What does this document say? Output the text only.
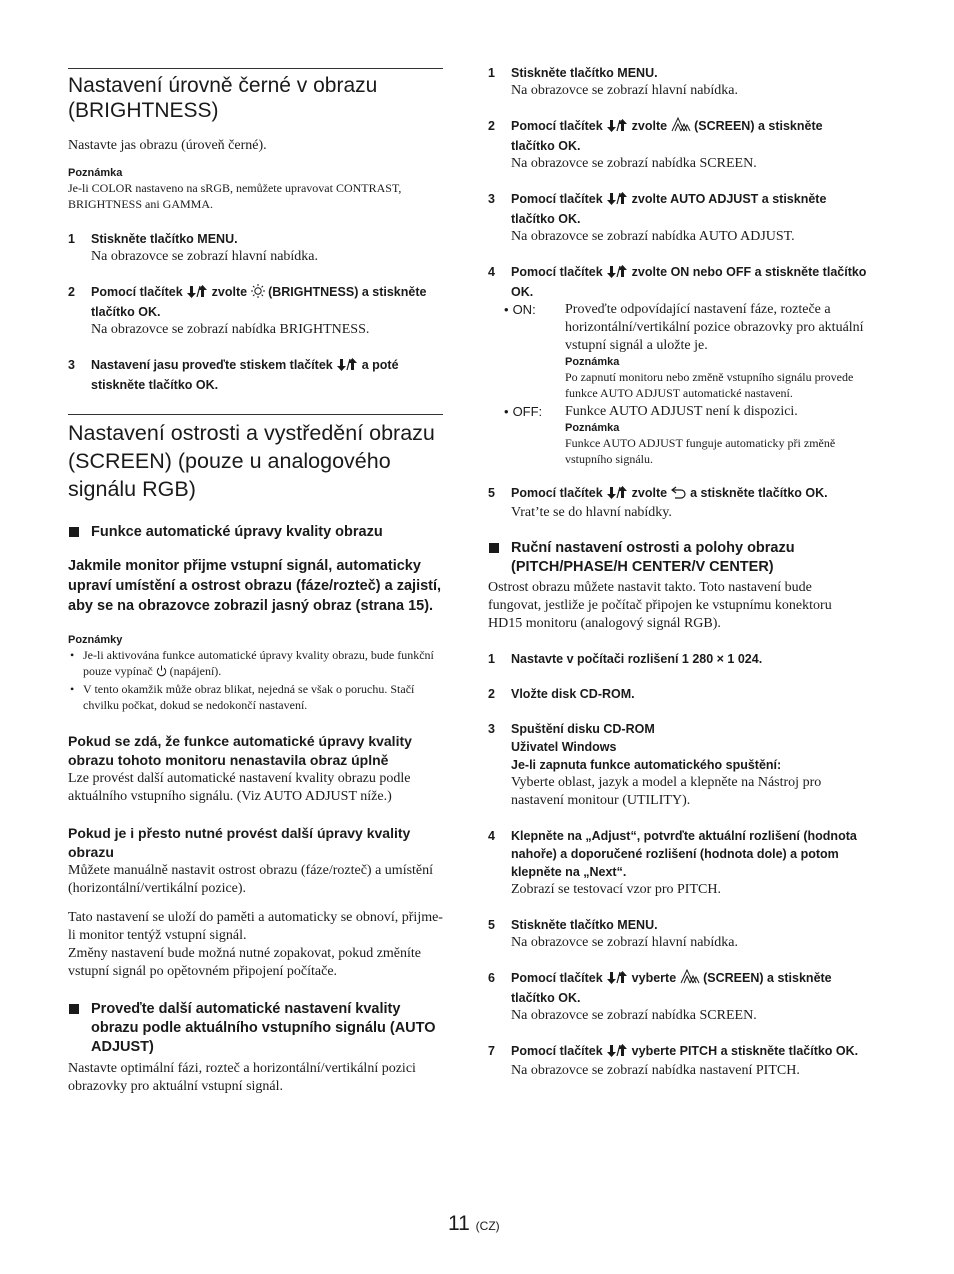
Nastavení úrovně černé v obrazu (BRIGHTNESS)
Nastavte jas obrazu (úroveň černé).
Poznámka
Je-li COLOR nastaveno na sRGB, nemůžete upravovat CONTRAST, BRIGHTNESS ani GAMMA.
1 Stiskněte tlačítko MENU.
Na obrazovce se zobrazí hlavní nabídka.
2 Pomocí tlačítek zvolte (BRIGHTNESS) a stiskněte tlačítko OK.
Na obrazovce se zobrazí nabídka BRIGHTNESS.
3 Nastavení jasu proveďte stiskem tlačítek a poté stiskněte tlačítko OK.
Nastavení ostrosti a vystředění obrazu (SCREEN) (pouze u analogového signálu RGB)
Funkce automatické úpravy kvality obrazu
Jakmile monitor přijme vstupní signál, automaticky upraví umístění a ostrost obrazu (fáze/rozteč) a zajistí, aby se na obrazovce zobrazil jasný obraz (strana 15).
Poznámky
• Je-li aktivována funkce automatické úpravy kvality obrazu, bude funkční pouze vypínač (napájení).
• V tento okamžik může obraz blikat, nejedná se však o poruchu. Stačí chvilku počkat, dokud se nedokončí nastavení.
Pokud se zdá, že funkce automatické úpravy kvality obrazu tohoto monitoru nenastavila obraz úplně
Lze provést další automatické nastavení kvality obrazu podle aktuálního vstupního signálu. (Viz AUTO ADJUST níže.)
Pokud je i přesto nutné provést další úpravy kvality obrazu
Můžete manuálně nastavit ostrost obrazu (fáze/rozteč) a umístění (horizontální/vertikální pozice).
Tato nastavení se uloží do paměti a automaticky se obnoví, přijme-li monitor tentýž vstupní signál.
Změny nastavení bude možná nutné zopakovat, pokud změníte vstupní signál po opětovném připojení počítače.
Proveďte další automatické nastavení kvality obrazu podle aktuálního vstupního signálu (AUTO ADJUST)
Nastavte optimální fázi, rozteč a horizontální/vertikální pozici obrazovky pro aktuální vstupní signál.
1 Stiskněte tlačítko MENU.
Na obrazovce se zobrazí hlavní nabídka.
2 Pomocí tlačítek zvolte (SCREEN) a stiskněte tlačítko OK.
Na obrazovce se zobrazí nabídka SCREEN.
3 Pomocí tlačítek zvolte AUTO ADJUST a stiskněte tlačítko OK.
Na obrazovce se zobrazí nabídka AUTO ADJUST.
4 Pomocí tlačítek zvolte ON nebo OFF a stiskněte tlačítko OK.
• ON: Proveďte odpovídající nastavení fáze, rozteče a horizontální/vertikální pozice obrazovky pro aktuální vstupní signál a uložte je.
Poznámka
Po zapnutí monitoru nebo změně vstupního signálu provede funkce AUTO ADJUST automatické nastavení.
• OFF: Funkce AUTO ADJUST není k dispozici.
Poznámka
Funkce AUTO ADJUST funguje automaticky při změně vstupního signálu.
5 Pomocí tlačítek zvolte a stiskněte tlačítko OK.
Vrat’te se do hlavní nabídky.
Ruční nastavení ostrosti a polohy obrazu (PITCH/PHASE/H CENTER/V CENTER)
Ostrost obrazu můžete nastavit takto. Toto nastavení bude fungovat, jestliže je počítač připojen ke vstupnímu konektoru HD15 monitoru (analogový signál RGB).
1 Nastavte v počítači rozlišení 1 280 × 1 024.
2 Vložte disk CD-ROM.
3 Spuštění disku CD-ROM
Uživatel Windows
Je-li zapnuta funkce automatického spuštění:
Vyberte oblast, jazyk a model a klepněte na Nástroj pro nastavení monitour (UTILITY).
4 Klepněte na „Adjust“, potvrďte aktuální rozlišení (hodnota nahoře) a doporučené rozlišení (hodnota dole) a potom klepněte na „Next“.
Zobrazí se testovací vzor pro PITCH.
5 Stiskněte tlačítko MENU.
Na obrazovce se zobrazí hlavní nabídka.
6 Pomocí tlačítek vyberte (SCREEN) a stiskněte tlačítko OK.
Na obrazovce se zobrazí nabídka SCREEN.
7 Pomocí tlačítek vyberte PITCH a stiskněte tlačítko OK.
Na obrazovce se zobrazí nabídka nastavení PITCH.
11 (CZ)
